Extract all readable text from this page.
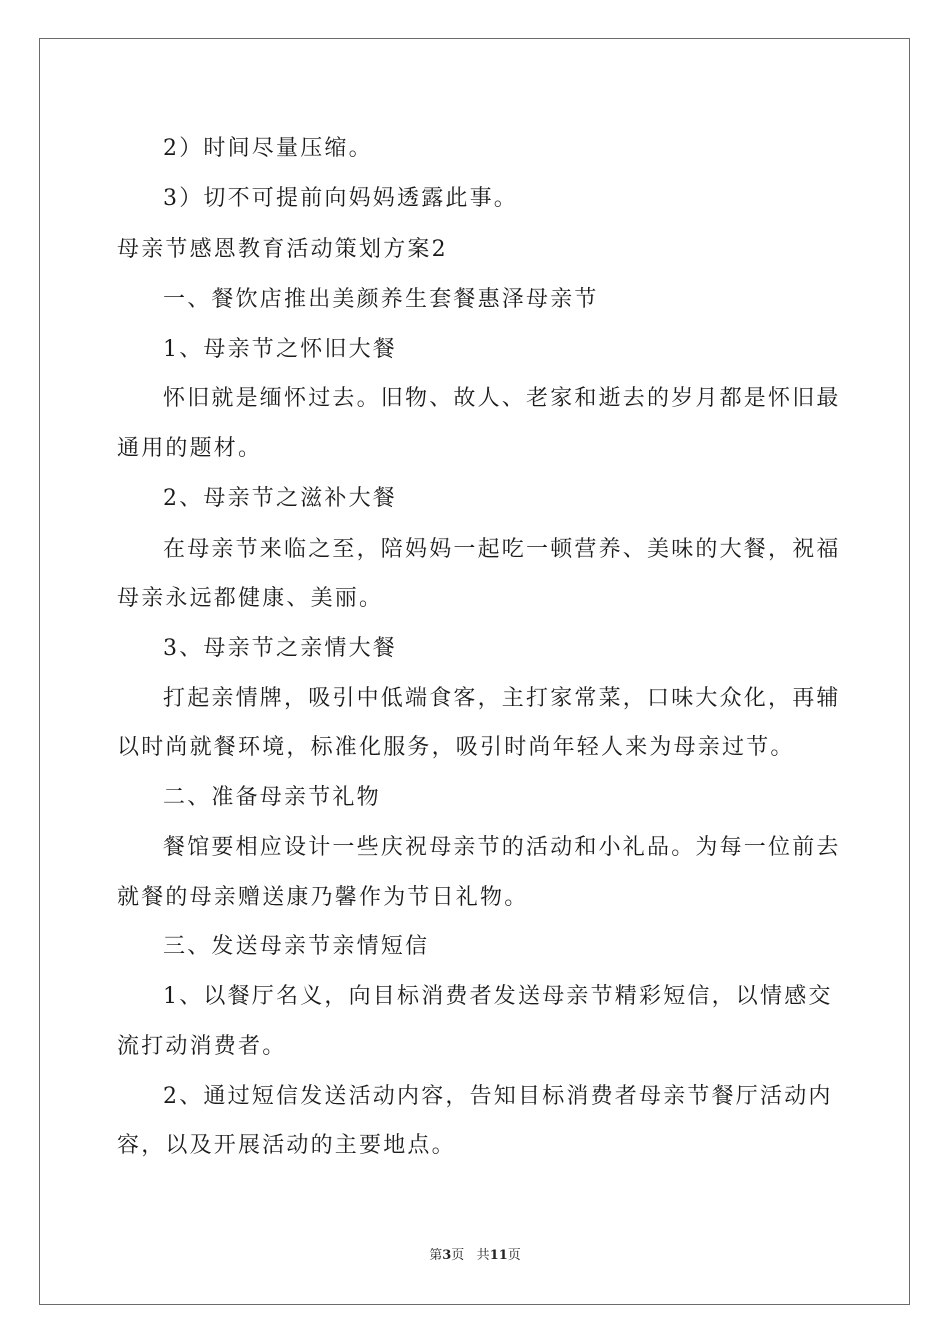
2）时间尽量压缩。
3）切不可提前向妈妈透露此事。
母亲节感恩教育活动策划方案2
一、餐饮店推出美颜养生套餐惠泽母亲节
1、母亲节之怀旧大餐
怀旧就是缅怀过去。旧物、故人、老家和逝去的岁月都是怀旧最
通用的题材。
2、母亲节之滋补大餐
在母亲节来临之至，陪妈妈一起吃一顿营养、美味的大餐，祝福
母亲永远都健康、美丽。
3、母亲节之亲情大餐
打起亲情牌，吸引中低端食客，主打家常菜，口味大众化，再辅
以时尚就餐环境，标准化服务，吸引时尚年轻人来为母亲过节。
二、准备母亲节礼物
餐馆要相应设计一些庆祝母亲节的活动和小礼品。为每一位前去
就餐的母亲赠送康乃馨作为节日礼物。
三、发送母亲节亲情短信
1、以餐厅名义，向目标消费者发送母亲节精彩短信，以情感交
流打动消费者。
2、通过短信发送活动内容，告知目标消费者母亲节餐厅活动内
容，以及开展活动的主要地点。
第3页 共11页
